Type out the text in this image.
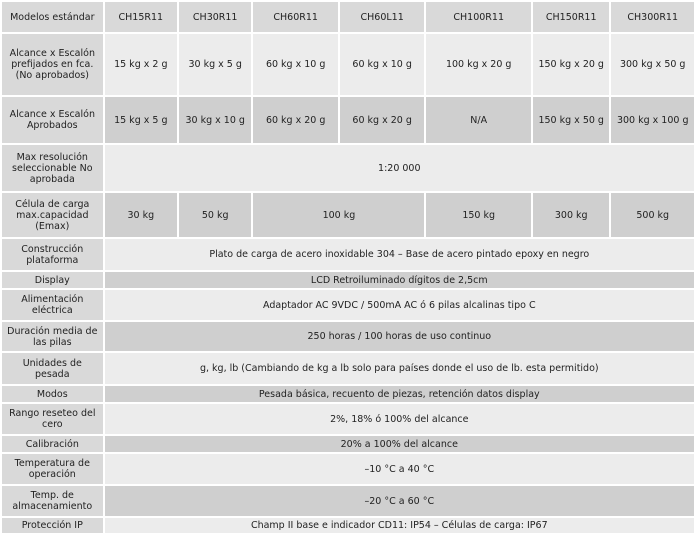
Modelos estándar	CH15R11	CH30R11	CH60R11	CH60L11	CH100R11	CH150R11	CH300R11
Alcance x Escalón prefijados en fca. (No aprobados)	15 kg x 2 g	30 kg x 5 g	60 kg x 10 g	60 kg x 10 g	100 kg x 20 g	150 kg x 20 g	300 kg x 50 g
Alcance x Escalón Aprobados	15 kg x 5 g	30 kg x 10 g	60 kg x 20 g	60 kg x 20 g	N/A	150 kg x 50 g	300 kg x 100 g
Max resolución seleccionable No aprobada	1:20 000						
Célula de carga max.capacidad (Emax)	30 kg	50 kg	100 kg		150 kg	300 kg	500 kg
Construcción plataforma	Plato de carga de acero inoxidable 304 – Base de acero pintado epoxy en negro						
Display	LCD Retroiluminado dígitos de 2,5cm						
Alimentación eléctrica	Adaptador AC 9VDC / 500mA AC ó 6 pilas alcalinas tipo C						
Duración media de las pilas	250 horas / 100 horas de uso continuo						
Unidades de pesada	g, kg, lb (Cambiando de kg a lb solo para países donde el uso de lb. esta permitido)						
Modos	Pesada básica, recuento de piezas, retención datos display						
Rango reseteo del cero	2%, 18% ó 100% del alcance						
Calibración	20% a 100% del alcance						
Temperatura de operación	–10 °C a 40 °C						
Temp. de almacenamiento	–20 °C a 60 °C						
Protección IP	Champ II base e indicador CD11: IP54 – Células de carga: IP67						
